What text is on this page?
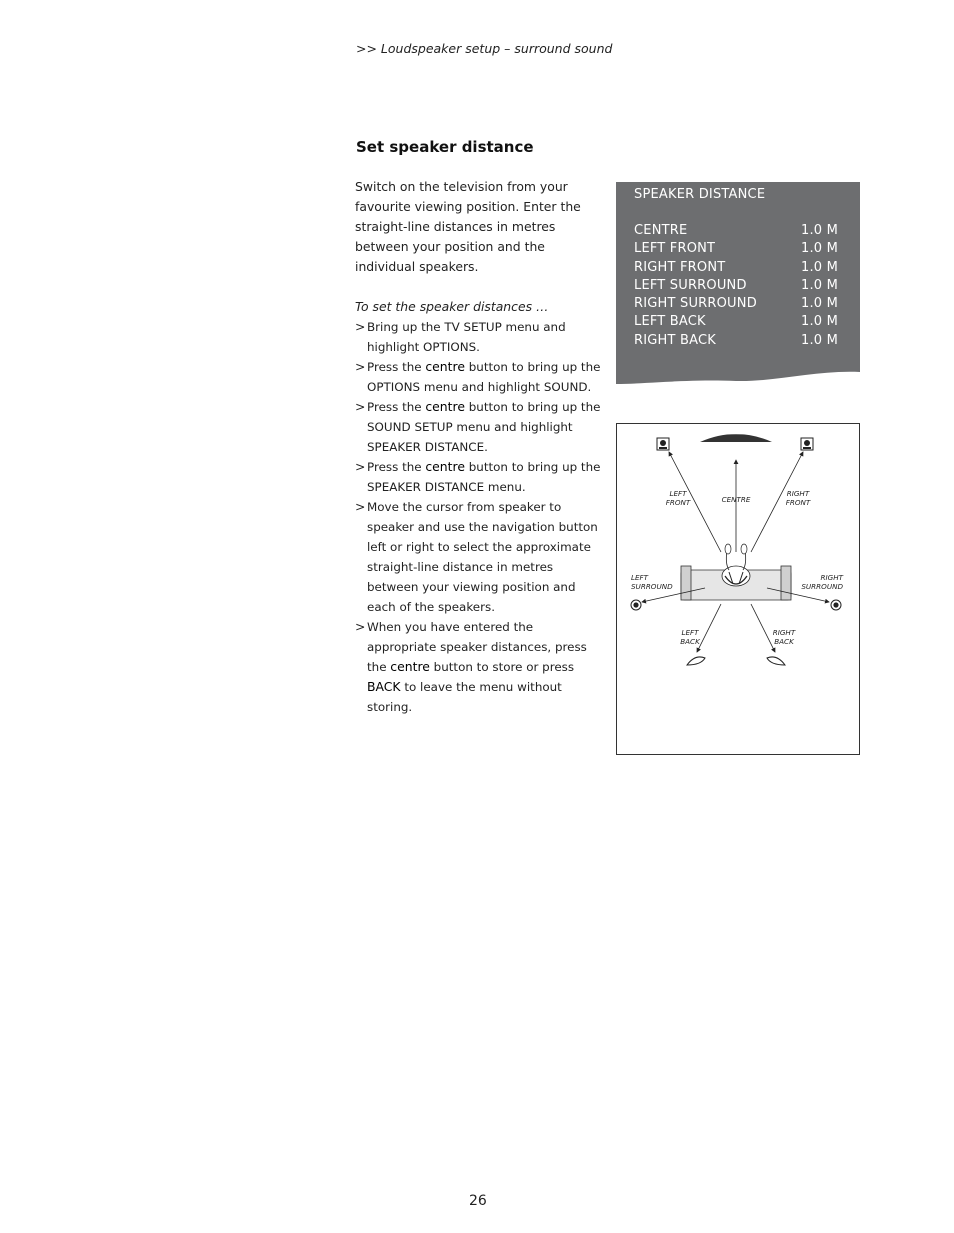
>> Loudspeaker setup – surround sound
Set speaker distance

Switch on the television from your favourite viewing position. Enter the straight-line distances in metres between your position and the individual speakers.

To set the speaker distances …

> Bring up the TV SETUP menu and highlight OPTIONS.
> Press the centre button to bring up the OPTIONS menu and highlight SOUND.
> Press the centre button to bring up the SOUND SETUP menu and highlight SPEAKER DISTANCE.
> Press the centre button to bring up the SPEAKER DISTANCE menu.
> Move the cursor from speaker to speaker and use the navigation button left or right to select the approximate straight-line distance in metres between your viewing position and each of the speakers.
> When you have entered the appropriate speaker distances, press the centre button to store or press BACK to leave the menu without storing.
SPEAKER DISTANCE
CENTRE	1.0 M
LEFT FRONT	1.0 M
RIGHT FRONT	1.0 M
LEFT SURROUND	1.0 M
RIGHT SURROUND	1.0 M
LEFT BACK	1.0 M
RIGHT BACK	1.0 M
LEFT
FRONT	CENTRE
RIGHT
FRONT
LEFT
SURROUND
RIGHT
SURROUND
LEFT
BACK
RIGHT
BACK
26
